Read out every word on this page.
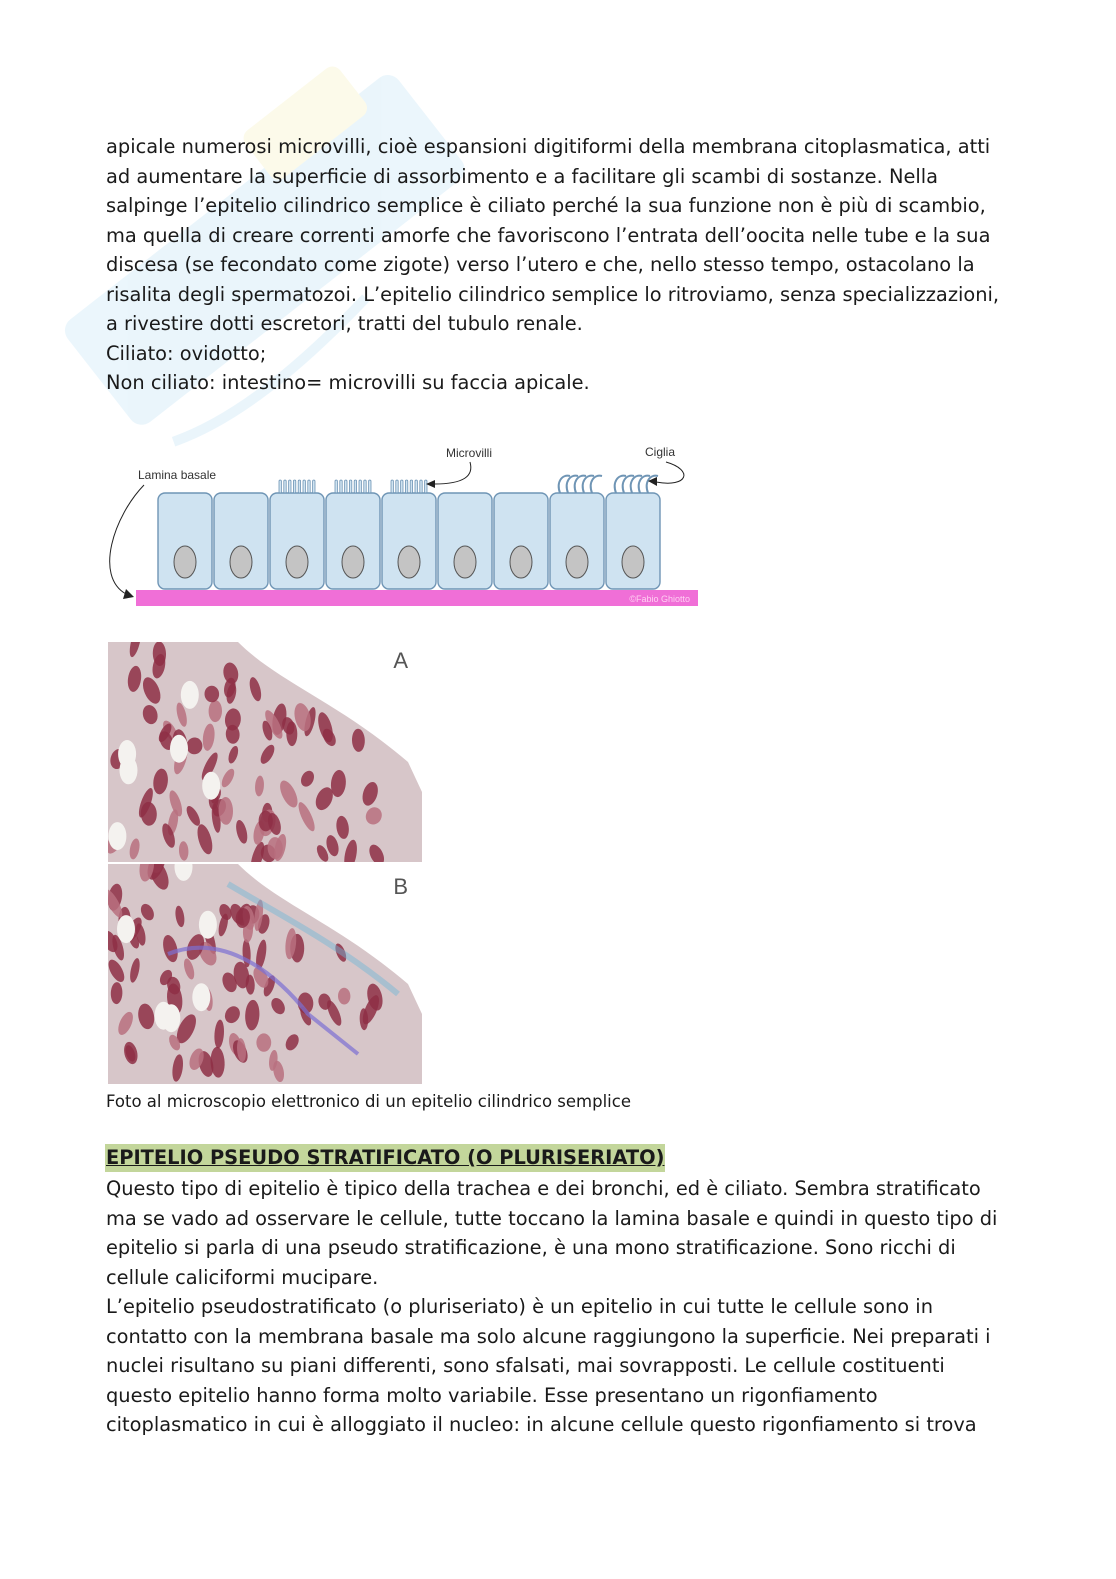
apicale numerosi microvilli, cioè espansioni digitiformi della membrana citoplasmatica, atti
ad aumentare la superficie di assorbimento e a facilitare gli scambi di sostanze. Nella
salpinge l’epitelio cilindrico semplice è ciliato perché la sua funzione non è più di scambio,
ma quella di creare correnti amorfe che favoriscono l’entrata dell’oocita nelle tube e la sua
discesa (se fecondato come zigote) verso l’utero e che, nello stesso tempo, ostacolano la
risalita degli spermatozoi. L’epitelio cilindrico semplice lo ritroviamo, senza specializzazioni,
a rivestire dotti escretori, tratti del tubulo renale.
Ciliato: ovidotto;
Non ciliato: intestino= microvilli su faccia apicale.
©Fabio Ghiotto
Lamina basale
Microvilli	Ciglia
A
B
Foto al microscopio elettronico di un epitelio cilindrico semplice
EPITELIO PSEUDO STRATIFICATO (O PLURISERIATO)
Questo tipo di epitelio è tipico della trachea e dei bronchi, ed è ciliato. Sembra stratificato
ma se vado ad osservare le cellule, tutte toccano la lamina basale e quindi in questo tipo di
epitelio si parla di una pseudo stratificazione, è una mono stratificazione. Sono ricchi di
cellule caliciformi mucipare.
L’epitelio pseudostratificato (o pluriseriato) è un epitelio in cui tutte le cellule sono in
contatto con la membrana basale ma solo alcune raggiungono la superficie. Nei preparati i
nuclei risultano su piani differenti, sono sfalsati, mai sovrapposti. Le cellule costituenti
questo epitelio hanno forma molto variabile. Esse presentano un rigonfiamento
citoplasmatico in cui è alloggiato il nucleo: in alcune cellule questo rigonfiamento si trova
